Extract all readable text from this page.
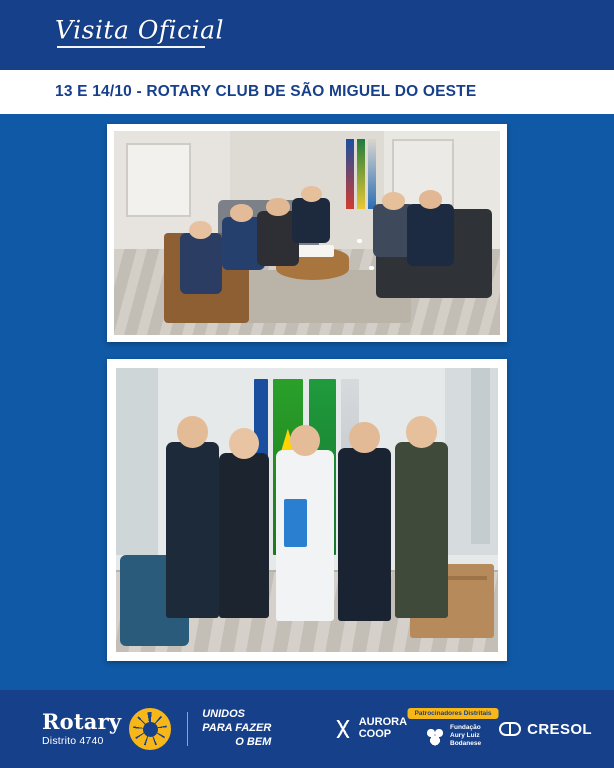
Visita Oficial
13 E 14/10 - ROTARY CLUB DE SÃO MIGUEL DO OESTE
Rotary
Distrito 4740
UNIDOS
PARA FAZER
O BEM
AURORA
COOP
Patrocinadores Distritais
Fundação
Aury Luiz
Bodanese
CRESOL
